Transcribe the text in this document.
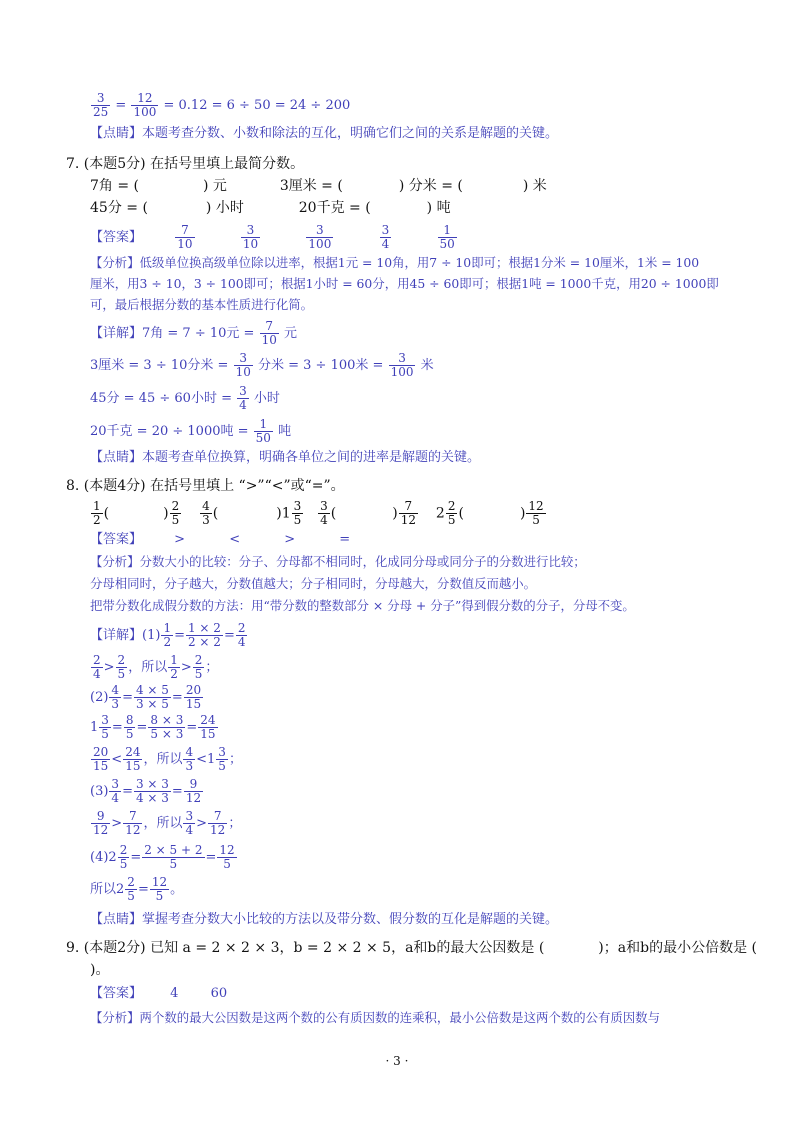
$\frac{3}{25} = \frac{12}{100} = 0.12 = 6 \div 50 = 24 \div 200$
【点睛】本题考查分数、小数和除法的互化，明确它们之间的关系是解题的关键。
7. (本题5分) 在括号里填上最简分数。
7角 = (	) 元	3厘米 = (	) 分米 = (	) 米
45分 = (	) 小时	20千克 = (	) 吨
【答案】	$\frac{7}{10}$
	$\frac{3}{10}$
	$\frac{3}{100}$
	$\frac{3}{4}$
	$\frac{1}{50}$
【分析】低级单位换高级单位除以进率，根据1元 = 10角，用7 ÷ 10即可；根据1分米 = 10厘米，1米 = 100
厘米，用3 ÷ 10，3 ÷ 100即可；根据1小时 = 60分，用45 ÷ 60即可；根据1吨 = 1000千克，用20 ÷ 1000即
可，最后根据分数的基本性质进行化简。
【详解】7角 = 7 ÷ 10元 = $\frac{7}{10}$ 元
3厘米 = 3 ÷ 10分米 = $\frac{3}{10}$ 分米 = 3 ÷ 100米 = $\frac{3}{100}$ 米
45分 = 45 ÷ 60小时 = $\frac{3}{4}$ 小时
20千克 = 20 ÷ 1000吨 = $\frac{1}{50}$ 吨
【点睛】本题考查单位换算，明确各单位之间的进率是解题的关键。
8. (本题4分) 在括号里填上 “>”“<”或“=”。
$\frac{1}{2}$ (	) $\frac{2}{5}$
$\frac{4}{3}$ (	)$1 \frac{3}{5}$
$\frac{3}{4}$ (	) $\frac{7}{12} 2 \frac{2}{5}$ (	) $\frac{12}{5}$
【答案】 >	<	>	=
【分析】分数大小的比较：分子、分母都不相同时，化成同分母或同分子的分数进行比较；
分母相同时，分子越大，分数值越大；分子相同时，分母越大，分数值反而越小。
把带分数化成假分数的方法：用“带分数的整数部分 × 分母 + 分子”得到假分数的分子，分母不变。
【详解】$(1) \frac{1}{2} = \frac{1 \times 2}{2 \times 2} = \frac{2}{4}$
$\frac{2}{4} > \frac{2}{5}$ ，所以 $\frac{1}{2} > \frac{2}{5}$ ；
$(2) \frac{4}{3} = \frac{4 \times 5}{3 \times 5} = \frac{20}{15}$
$1 \frac{3}{5} = \frac{8}{5} = \frac{8 \times 3}{5 \times 3} = \frac{24}{15}$
$\frac{20}{15} < \frac{24}{15}$ ，所以 $\frac{4}{3} <1 \frac{3}{5}$ ；
$(3) \frac{3}{4} = \frac{3 \times 3}{4 \times 3} = \frac{9}{12}$
$\frac{9}{12} > \frac{7}{12}$ ，所以 $\frac{3}{4} > \frac{7}{12}$ ；
$(4)2 \frac{2}{5} = \frac{2 \times 5 + 2}{5} = \frac{12}{5}$
所以$2 \frac{2}{5} = \frac{12}{5}$ 。
【点睛】掌握考查分数大小比较的方法以及带分数、假分数的互化是解题的关键。
9. (本题2分) 已知 a = 2 × 2 × 3，b = 2 × 2 × 5，a和b的最大公因数是 (	)；a和b的最小公倍数是 (
)。
【答案】 4 60
【分析】两个数的最大公因数是这两个数的公有质因数的连乘积，最小公倍数是这两个数的公有质因数与
· 3 ·
